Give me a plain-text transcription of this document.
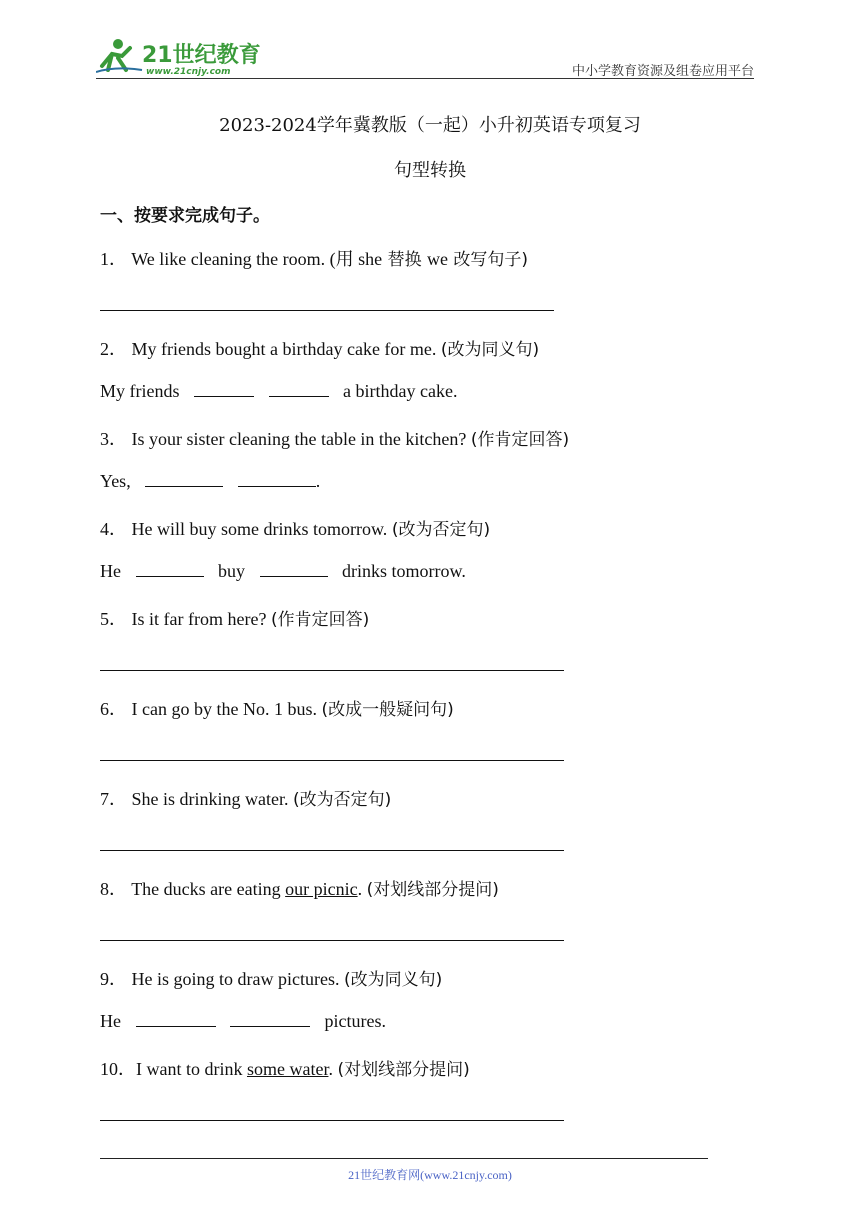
21世纪教育
www.21cnjy.com	中小学教育资源及组卷应用平台
2023-2024学年冀教版（一起）小升初英语专项复习
句型转换
一、按要求完成句子。
1． We like cleaning the room. (用 she 替换 we 改写句子)
2． My friends bought a birthday cake for me. (改为同义句)
My friends	a birthday cake.
3． Is your sister cleaning the table in the kitchen? (作肯定回答)
Yes,	.
4． He will buy some drinks tomorrow. (改为否定句)
He	buy	drinks tomorrow.
5． Is it far from here? (作肯定回答)
6． I can go by the No. 1 bus. (改成一般疑问句)
7． She is drinking water. (改为否定句)
8． The ducks are eating our picnic. (对划线部分提问)
9． He is going to draw pictures. (改为同义句)
He	pictures.
10．I want to drink some water. (对划线部分提问)
21世纪教育网(www.21cnjy.com)
